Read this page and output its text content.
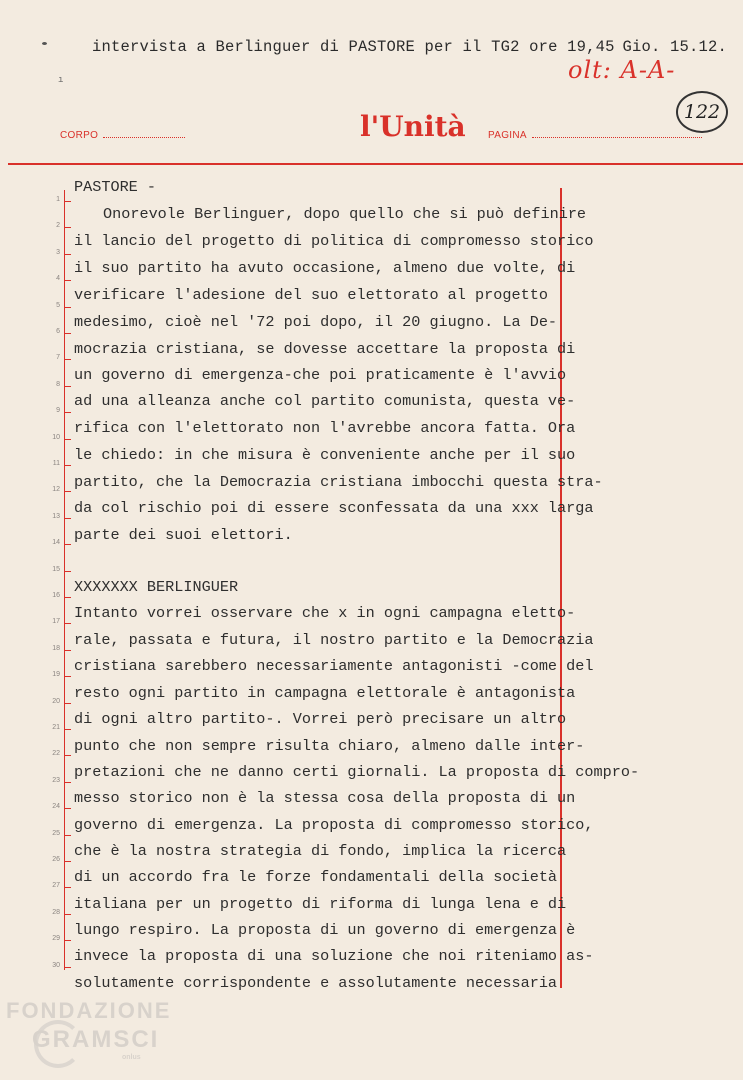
ı
intervista a Berlinguer di PASTORE per il TG2 ore 19,45 Gio. 15.12.
olt: A-A-
122
CORPO	l'Unità PAGINA
1
2
3
4
5
6
7
8
9
10
11
12
13
14
15
16
17
18
19
20
21
22
23
24
25
26
27
28
29
30
PASTORE -
Onorevole Berlinguer, dopo quello che si può definire
il lancio del progetto di politica di compromesso storico
il suo partito ha avuto occasione, almeno due volte, di
verificare l'adesione del suo elettorato al progetto
medesimo, cioè nel '72 poi dopo, il 20 giugno. La De-
mocrazia cristiana, se dovesse accettare la proposta di
un governo di emergenza-che poi praticamente è l'avvio
ad una alleanza anche col partito comunista, questa ve-
rifica con l'elettorato non l'avrebbe ancora fatta. Ora
le chiedo: in che misura è conveniente anche per il suo
partito, che la Democrazia cristiana imbocchi questa stra-
da col rischio poi di essere sconfessata da una xxx larga
parte dei suoi elettori.
XXXXXXX BERLINGUER
Intanto vorrei osservare che x in ogni campagna eletto-
rale, passata e futura, il nostro partito e la Democrazia
cristiana sarebbero necessariamente antagonisti -come del
resto ogni partito in campagna elettorale è antagonista
di ogni altro partito-. Vorrei però precisare un altro
punto che non sempre risulta chiaro, almeno dalle inter-
pretazioni che ne danno certi giornali. La proposta di compro-
messo storico non è la stessa cosa della proposta di un
governo di emergenza. La proposta di compromesso storico,
che è la nostra strategia di fondo, implica la ricerca
di un accordo fra le forze fondamentali della società
italiana per un progetto di riforma di lunga lena e di
lungo respiro. La proposta di un governo di emergenza è
invece la proposta di una soluzione che noi riteniamo as-
solutamente corrispondente e assolutamente necessaria
FONDAZIONE
GRAMSCI
onlus
